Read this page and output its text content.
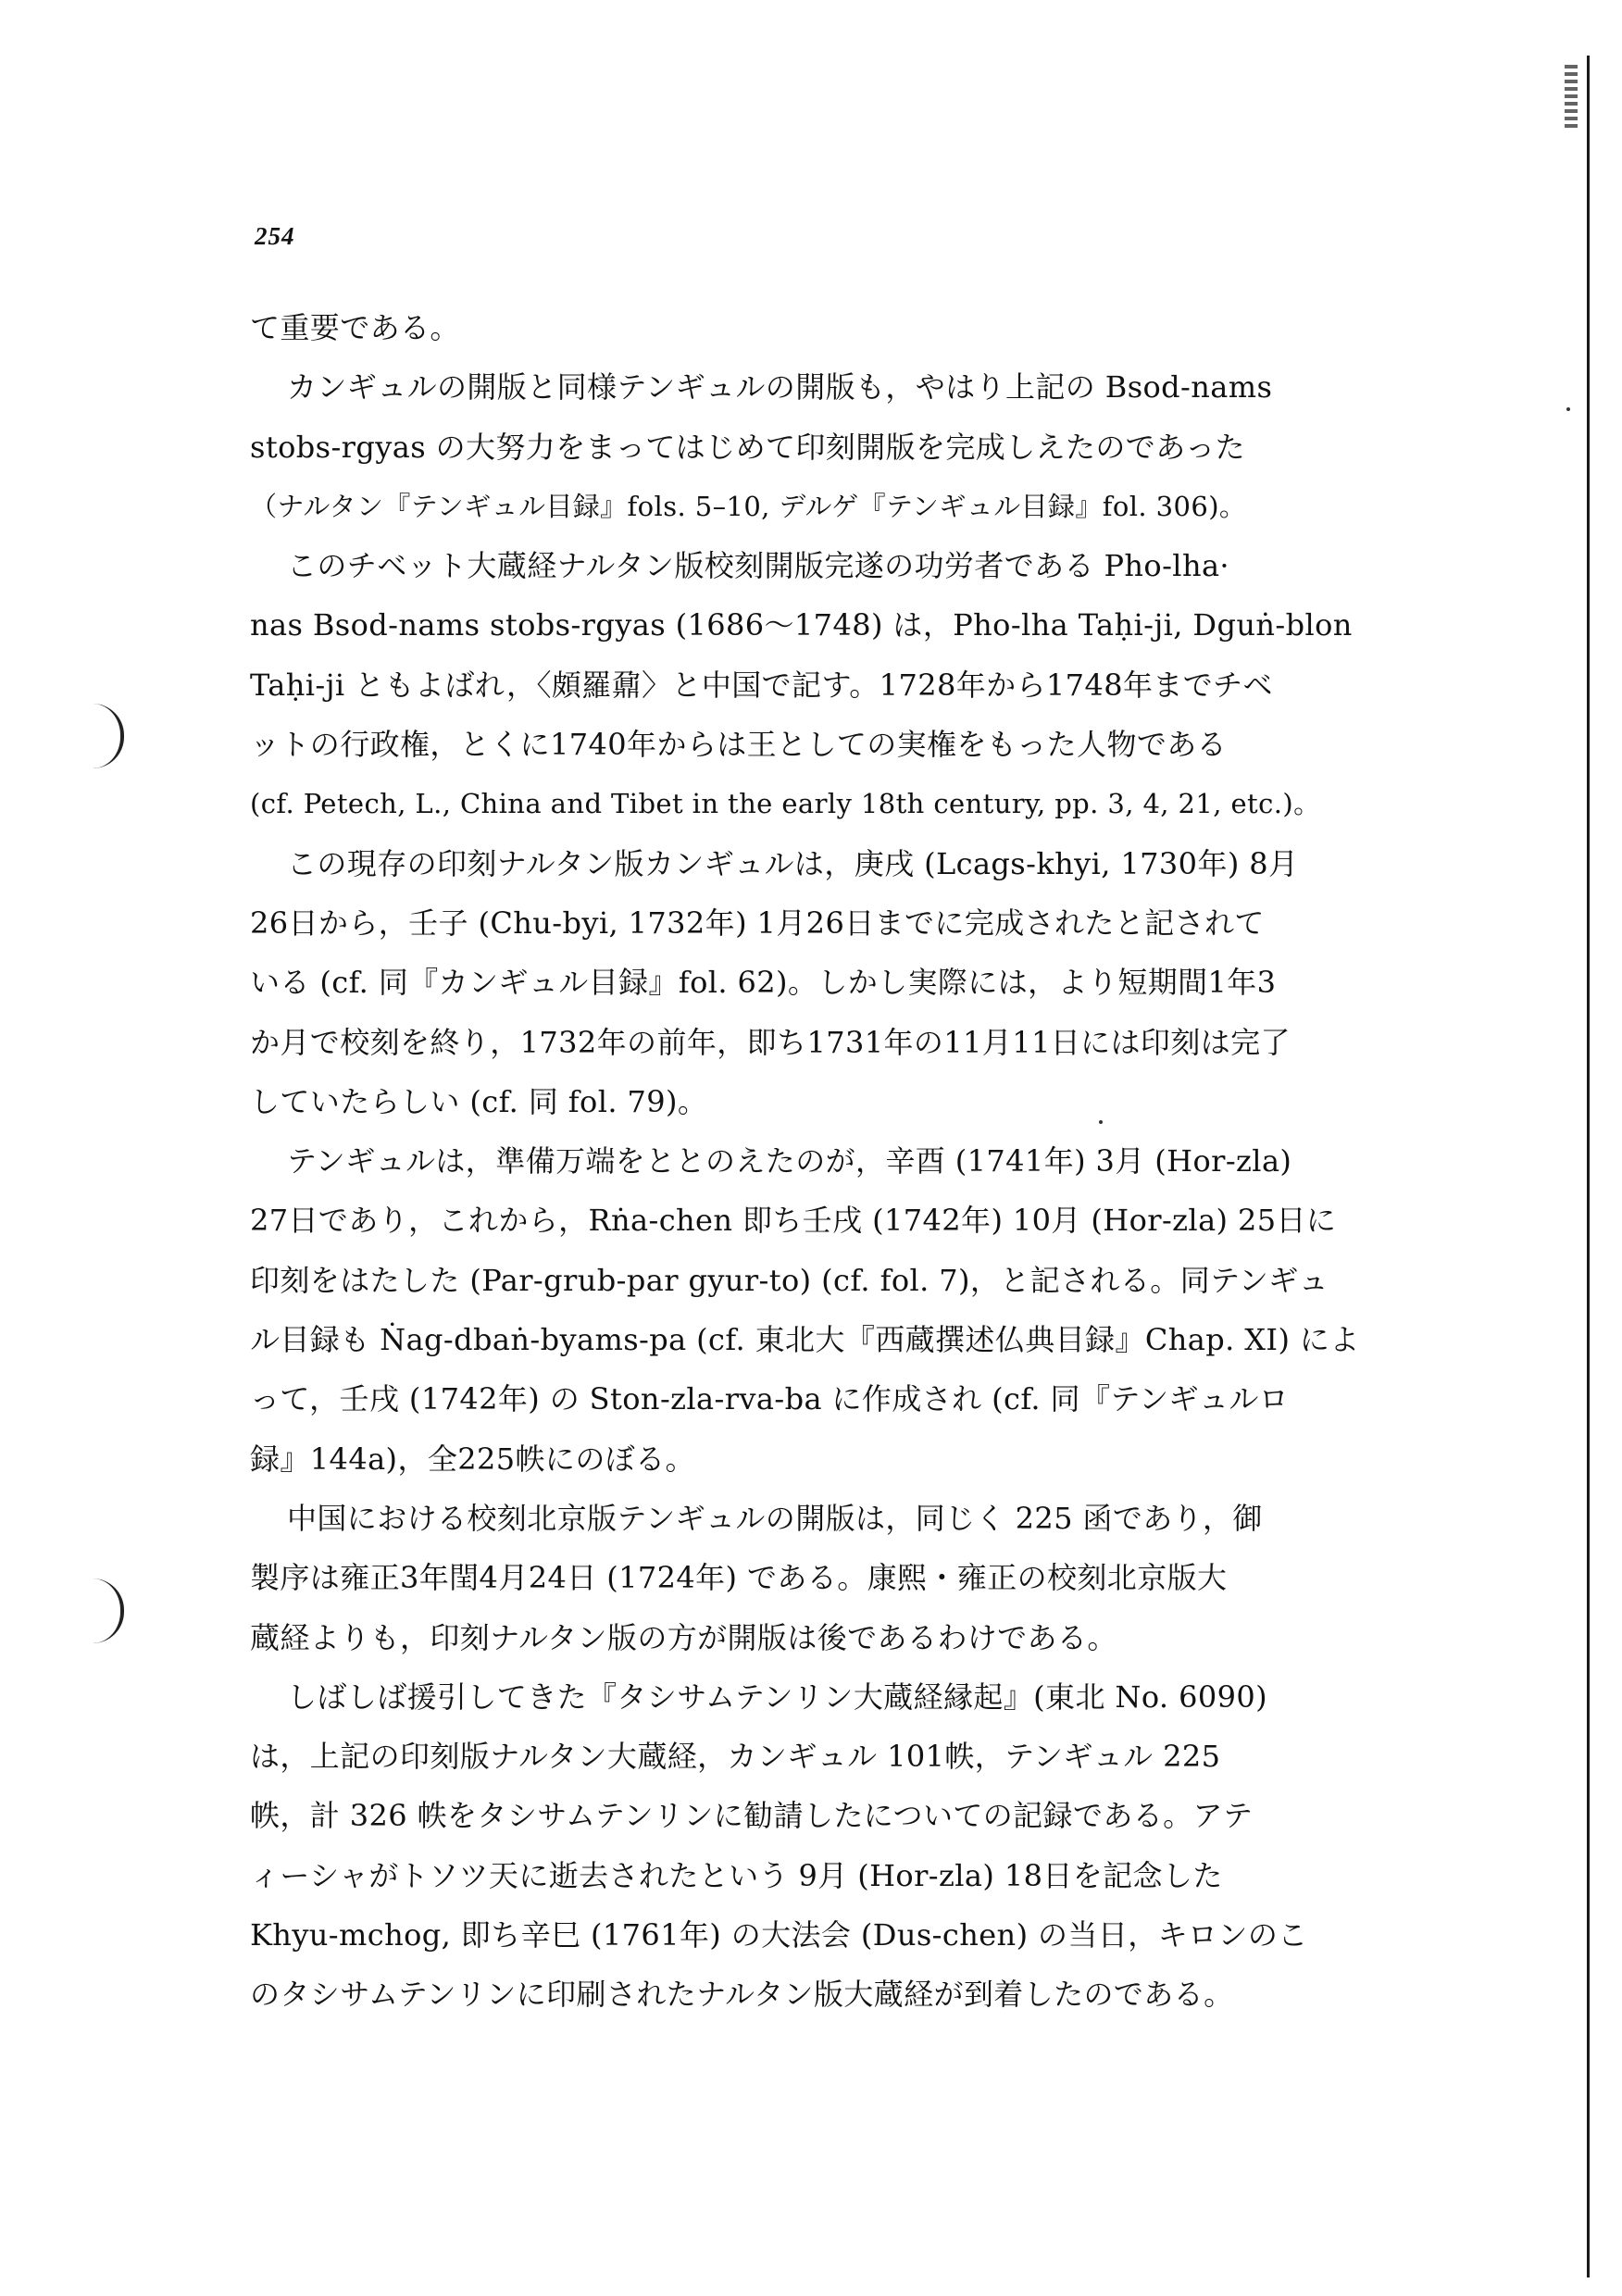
254
て重要である。
カンギュルの開版と同様テンギュルの開版も，やはり上記の Bsod-nams
stobs-rgyas の大努力をまってはじめて印刻開版を完成しえたのであった
（ナルタン『テンギュル目録』fols. 5–10, デルゲ『テンギュル目録』fol. 306)。
このチベット大蔵経ナルタン版校刻開版完遂の功労者である Pho-lha·
nas Bsod-nams stobs-rgyas (1686～1748) は，Pho-lha Taḥi-ji, Dguṅ-blon
Taḥi-ji ともよばれ，〈頗羅鼐〉と中国で記す。1728年から1748年までチベ
ットの行政権，とくに1740年からは王としての実権をもった人物である
(cf. Petech, L., China and Tibet in the early 18th century, pp. 3, 4, 21, etc.)。
この現存の印刻ナルタン版カンギュルは，庚戌 (Lcags-khyi, 1730年) 8月
26日から，壬子 (Chu-byi, 1732年) 1月26日までに完成されたと記されて
いる (cf. 同『カンギュル目録』fol. 62)。しかし実際には，より短期間1年3
か月で校刻を終り，1732年の前年，即ち1731年の11月11日には印刻は完了
していたらしい (cf. 同 fol. 79)。
テンギュルは，準備万端をととのえたのが，辛酉 (1741年) 3月 (Hor-zla)
27日であり，これから，Rṅa-chen 即ち壬戌 (1742年) 10月 (Hor-zla) 25日に
印刻をはたした (Par-grub-par gyur-to) (cf. fol. 7)，と記される。同テンギュ
ル目録も Ṅag-dbaṅ-byams-pa (cf. 東北大『西蔵撰述仏典目録』Chap. XI) によ
って，壬戌 (1742年) の Ston-zla-rva-ba に作成され (cf. 同『テンギュルロ
録』144a)，全225帙にのぼる。
中国における校刻北京版テンギュルの開版は，同じく 225 函であり，御
製序は雍正3年閏4月24日 (1724年) である。康熙・雍正の校刻北京版大
蔵経よりも，印刻ナルタン版の方が開版は後であるわけである。
しばしば援引してきた『タシサムテンリン大蔵経縁起』(東北 No. 6090)
は，上記の印刻版ナルタン大蔵経，カンギュル 101帙，テンギュル 225
帙，計 326 帙をタシサムテンリンに勧請したについての記録である。アテ
ィーシャがトソツ天に逝去されたという 9月 (Hor-zla) 18日を記念した
Khyu-mchog, 即ち辛巳 (1761年) の大法会 (Dus-chen) の当日，キロンのこ
のタシサムテンリンに印刷されたナルタン版大蔵経が到着したのである。
